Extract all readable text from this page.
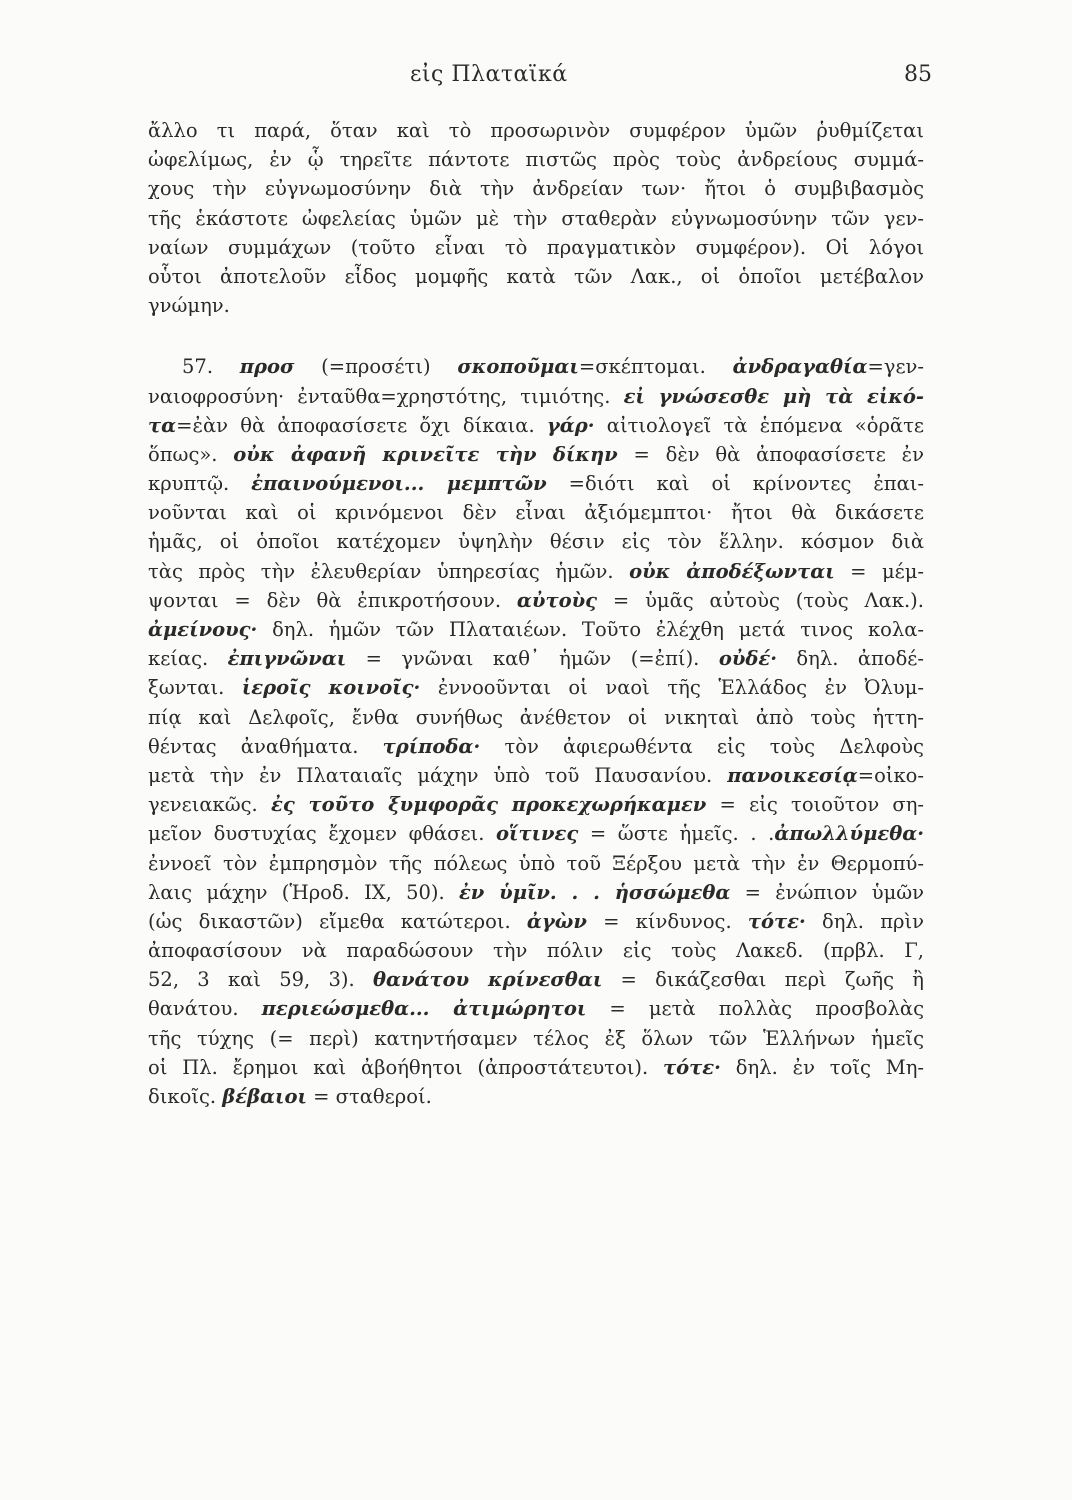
εἰς Πλαταϊκά	85
ἄλλο τι παρά, ὅταν καὶ τὸ προσωρινὸν συμφέρον ὑμῶν ῥυθμίζεται
ὠφελίμως, ἐν ᾧ τηρεῖτε πάντοτε πιστῶς πρὸς τοὺς ἀνδρείους συμμά-
χους τὴν εὐγνωμοσύνην διὰ τὴν ἀνδρείαν των· ἤτοι ὁ συμβιβασμὸς
τῆς ἑκάστοτε ὠφελείας ὑμῶν μὲ τὴν σταθερὰν εὐγνωμοσύνην τῶν γεν-
ναίων συμμάχων (τοῦτο εἶναι τὸ πραγματικὸν συμφέρον). Οἱ λόγοι
οὗτοι ἀποτελοῦν εἶδος μομφῆς κατὰ τῶν Λακ., οἱ ὁποῖοι μετέβαλον
γνώμην.
57. προσ (=προσέτι) σκοποῦμαι=σκέπτομαι. ἀνδραγαθία=γεν-
ναιοφροσύνη· ἐνταῦθα=χρηστότης, τιμιότης. εἰ γνώσεσθε μὴ τὰ εἰκό-
τα=ἐὰν θὰ ἀποφασίσετε ὄχι δίκαια. γάρ· αἰτιολογεῖ τὰ ἑπόμενα «ὁρᾶτε
ὅπως». οὐκ ἀφανῆ κρινεῖτε τὴν δίκην = δὲν θὰ ἀποφασίσετε ἐν
κρυπτῷ. ἐπαινούμενοι... μεμπτῶν =διότι καὶ οἱ κρίνοντες ἐπαι-
νοῦνται καὶ οἱ κρινόμενοι δὲν εἶναι ἀξιόμεμπτοι· ἤτοι θὰ δικάσετε
ἡμᾶς, οἱ ὁποῖοι κατέχομεν ὑψηλὴν θέσιν εἰς τὸν ἕλλην. κόσμον διὰ
τὰς πρὸς τὴν ἐλευθερίαν ὑπηρεσίας ἡμῶν. οὐκ ἀποδέξωνται = μέμ-
ψονται = δὲν θὰ ἐπικροτήσουν. αὐτοὺς = ὑμᾶς αὐτοὺς (τοὺς Λακ.).
ἀμείνους· δηλ. ἡμῶν τῶν Πλαταιέων. Τοῦτο ἐλέχθη μετά τινος κολα-
κείας. ἐπιγνῶναι = γνῶναι καθ᾽ ἡμῶν (=ἐπί). οὐδέ· δηλ. ἀποδέ-
ξωνται. ἱεροῖς κοινοῖς· ἐννοοῦνται οἱ ναοὶ τῆς Ἑλλάδος ἐν Ὀλυμ-
πίᾳ καὶ Δελφοῖς, ἔνθα συνήθως ἀνέθετον οἱ νικηταὶ ἀπὸ τοὺς ἡττη-
θέντας ἀναθήματα. τρίποδα· τὸν ἀφιερωθέντα εἰς τοὺς Δελφοὺς
μετὰ τὴν ἐν Πλαταιαῖς μάχην ὑπὸ τοῦ Παυσανίου. πανοικεσίᾳ=οἰκο-
γενειακῶς. ἐς τοῦτο ξυμφορᾶς προκεχωρήκαμεν = εἰς τοιοῦτον ση-
μεῖον δυστυχίας ἔχομεν φθάσει. οἵτινες = ὥστε ἡμεῖς. . .ἀπωλλύμεθα·
ἐννοεῖ τὸν ἐμπρησμὸν τῆς πόλεως ὑπὸ τοῦ Ξέρξου μετὰ τὴν ἐν Θερμοπύ-
λαις μάχην (Ἡροδ. IX, 50). ἐν ὑμῖν. . . ἡσσώμεθα = ἐνώπιον ὑμῶν
(ὡς δικαστῶν) εἴμεθα κατώτεροι. ἀγὼν = κίνδυνος. τότε· δηλ. πρὶν
ἀποφασίσουν νὰ παραδώσουν τὴν πόλιν εἰς τοὺς Λακεδ. (πρβλ. Γ,
52, 3 καὶ 59, 3). θανάτου κρίνεσθαι = δικάζεσθαι περὶ ζωῆς ἢ
θανάτου. περιεώσμεθα... ἀτιμώρητοι = μετὰ πολλὰς προσβολὰς
τῆς τύχης (= περὶ) κατηντήσαμεν τέλος ἐξ ὅλων τῶν Ἑλλήνων ἡμεῖς
οἱ Πλ. ἔρημοι καὶ ἀβοήθητοι (ἀπροστάτευτοι). τότε· δηλ. ἐν τοῖς Μη-
δικοῖς. βέβαιοι = σταθεροί.
